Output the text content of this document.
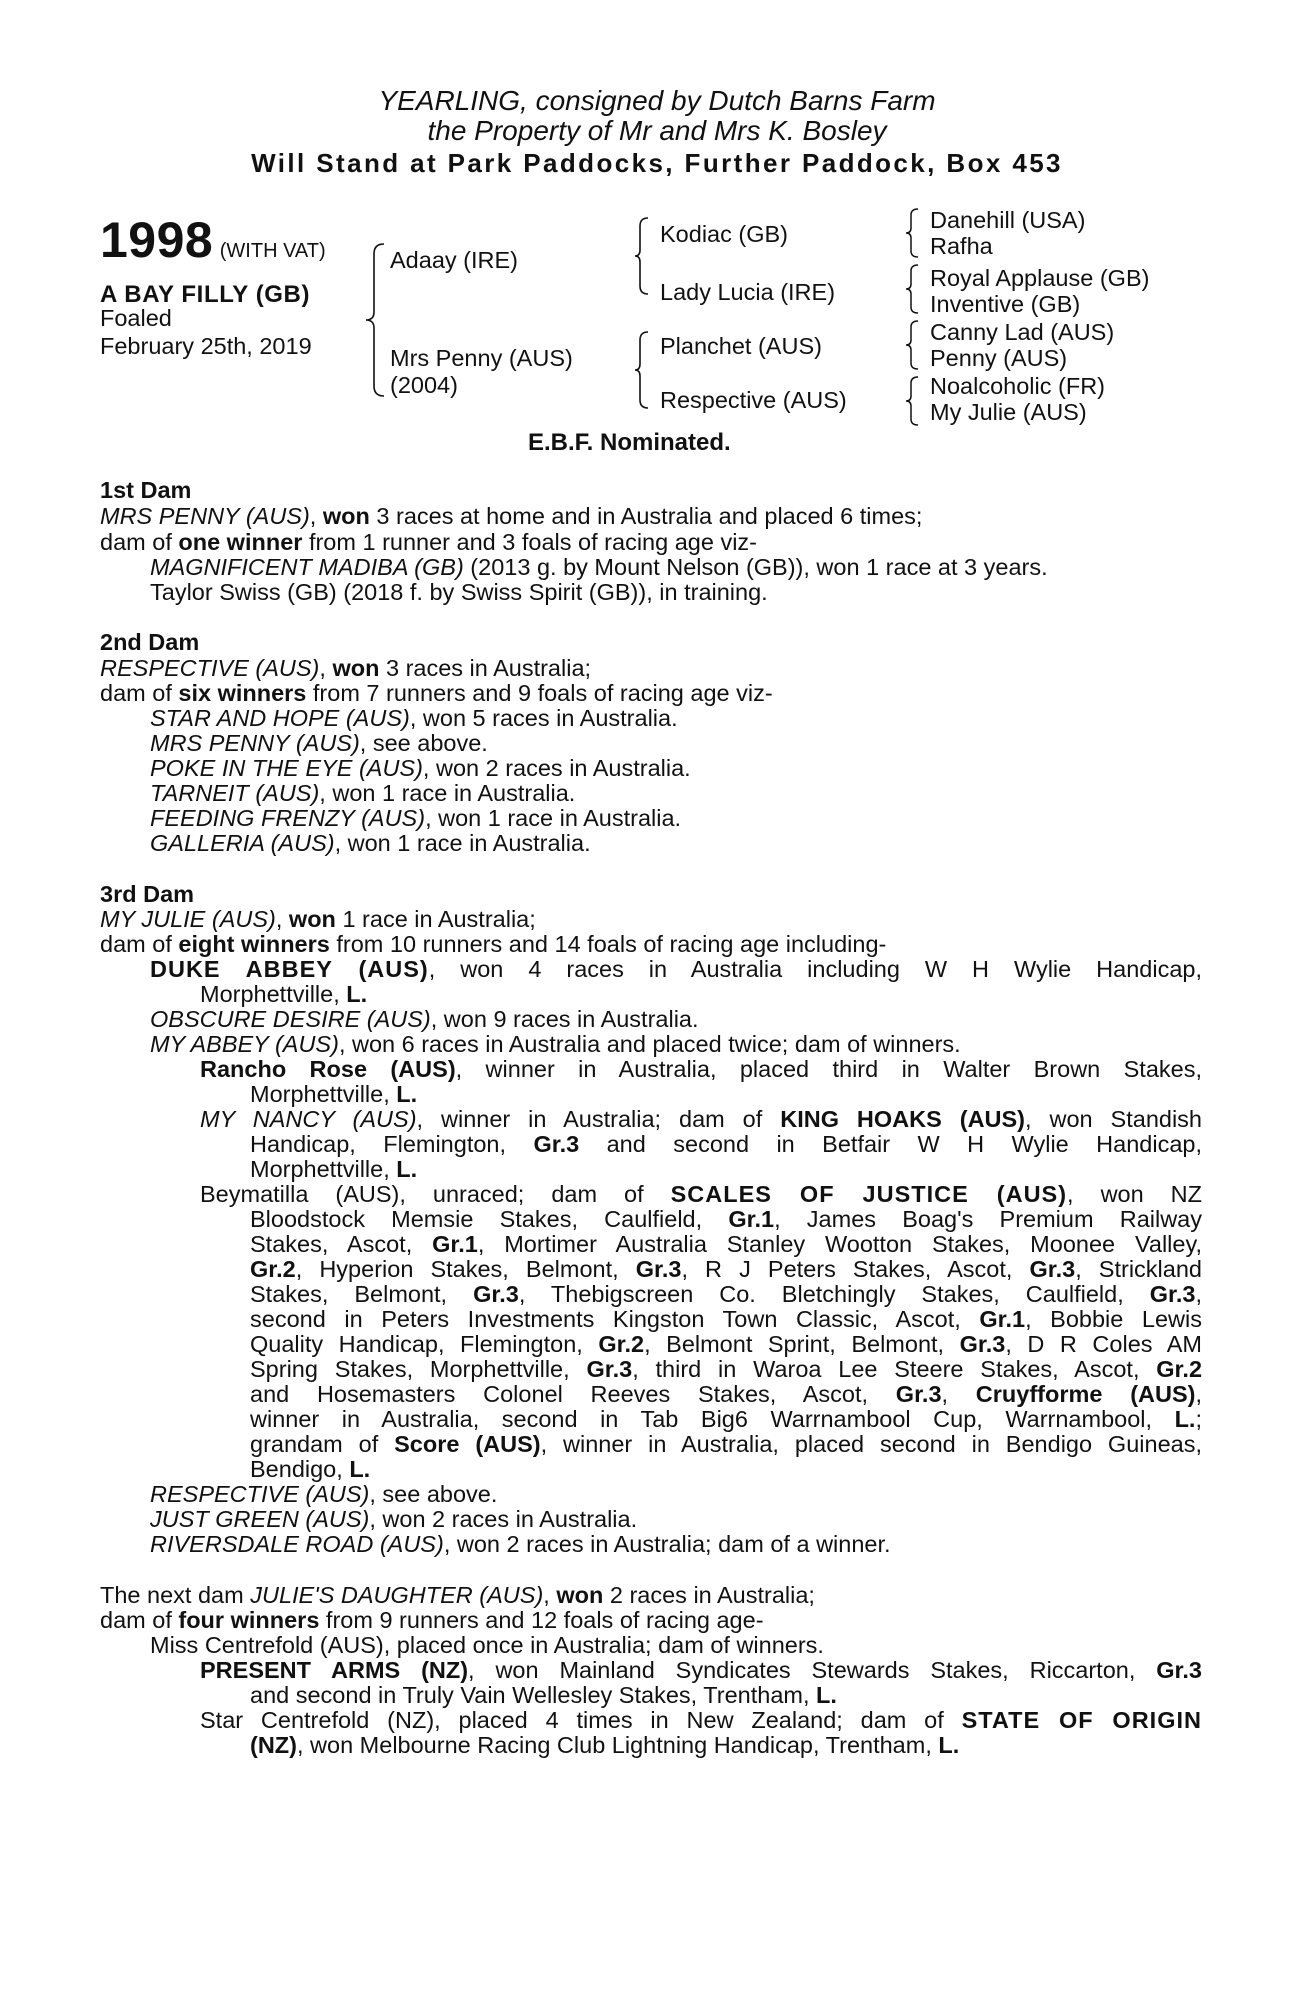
YEARLING, consigned by Dutch Barns Farm
the Property of Mr and Mrs K. Bosley
Will Stand at Park Paddocks, Further Paddock, Box 453
1998 (WITH VAT)
A BAY FILLY (GB)
Foaled
February 25th, 2019
Adaay (IRE)
Mrs Penny (AUS)
(2004)
Kodiac (GB)
Lady Lucia (IRE)
Planchet (AUS)
Respective (AUS)
Danehill (USA)
Rafha
Royal Applause (GB)
Inventive (GB)
Canny Lad (AUS)
Penny (AUS)
Noalcoholic (FR)
My Julie (AUS)
E.B.F. Nominated.
1st Dam
MRS PENNY (AUS), won 3 races at home and in Australia and placed 6 times;
dam of one winner from 1 runner and 3 foals of racing age viz-
MAGNIFICENT MADIBA (GB) (2013 g. by Mount Nelson (GB)), won 1 race at 3 years.
Taylor Swiss (GB) (2018 f. by Swiss Spirit (GB)), in training.
2nd Dam
RESPECTIVE (AUS), won 3 races in Australia;
dam of six winners from 7 runners and 9 foals of racing age viz-
STAR AND HOPE (AUS), won 5 races in Australia.
MRS PENNY (AUS), see above.
POKE IN THE EYE (AUS), won 2 races in Australia.
TARNEIT (AUS), won 1 race in Australia.
FEEDING FRENZY (AUS), won 1 race in Australia.
GALLERIA (AUS), won 1 race in Australia.
3rd Dam
MY JULIE (AUS), won 1 race in Australia;
dam of eight winners from 10 runners and 14 foals of racing age including-
DUKE ABBEY (AUS), won 4 races in Australia including W H Wylie Handicap,
Morphettville, L.
OBSCURE DESIRE (AUS), won 9 races in Australia.
MY ABBEY (AUS), won 6 races in Australia and placed twice; dam of winners.
Rancho Rose (AUS), winner in Australia, placed third in Walter Brown Stakes,
Morphettville, L.
MY NANCY (AUS), winner in Australia; dam of KING HOAKS (AUS), won Standish
Handicap, Flemington, Gr.3 and second in Betfair W H Wylie Handicap,
Morphettville, L.
Beymatilla (AUS), unraced; dam of SCALES OF JUSTICE (AUS), won NZ
Bloodstock Memsie Stakes, Caulfield, Gr.1, James Boag's Premium Railway
Stakes, Ascot, Gr.1, Mortimer Australia Stanley Wootton Stakes, Moonee Valley,
Gr.2, Hyperion Stakes, Belmont, Gr.3, R J Peters Stakes, Ascot, Gr.3, Strickland
Stakes, Belmont, Gr.3, Thebigscreen Co. Bletchingly Stakes, Caulfield, Gr.3,
second in Peters Investments Kingston Town Classic, Ascot, Gr.1, Bobbie Lewis
Quality Handicap, Flemington, Gr.2, Belmont Sprint, Belmont, Gr.3, D R Coles AM
Spring Stakes, Morphettville, Gr.3, third in Waroa Lee Steere Stakes, Ascot, Gr.2
and Hosemasters Colonel Reeves Stakes, Ascot, Gr.3, Cruyfforme (AUS),
winner in Australia, second in Tab Big6 Warrnambool Cup, Warrnambool, L.;
grandam of Score (AUS), winner in Australia, placed second in Bendigo Guineas,
Bendigo, L.
RESPECTIVE (AUS), see above.
JUST GREEN (AUS), won 2 races in Australia.
RIVERSDALE ROAD (AUS), won 2 races in Australia; dam of a winner.
The next dam JULIE'S DAUGHTER (AUS), won 2 races in Australia;
dam of four winners from 9 runners and 12 foals of racing age-
Miss Centrefold (AUS), placed once in Australia; dam of winners.
PRESENT ARMS (NZ), won Mainland Syndicates Stewards Stakes, Riccarton, Gr.3
and second in Truly Vain Wellesley Stakes, Trentham, L.
Star Centrefold (NZ), placed 4 times in New Zealand; dam of STATE OF ORIGIN
(NZ), won Melbourne Racing Club Lightning Handicap, Trentham, L.
